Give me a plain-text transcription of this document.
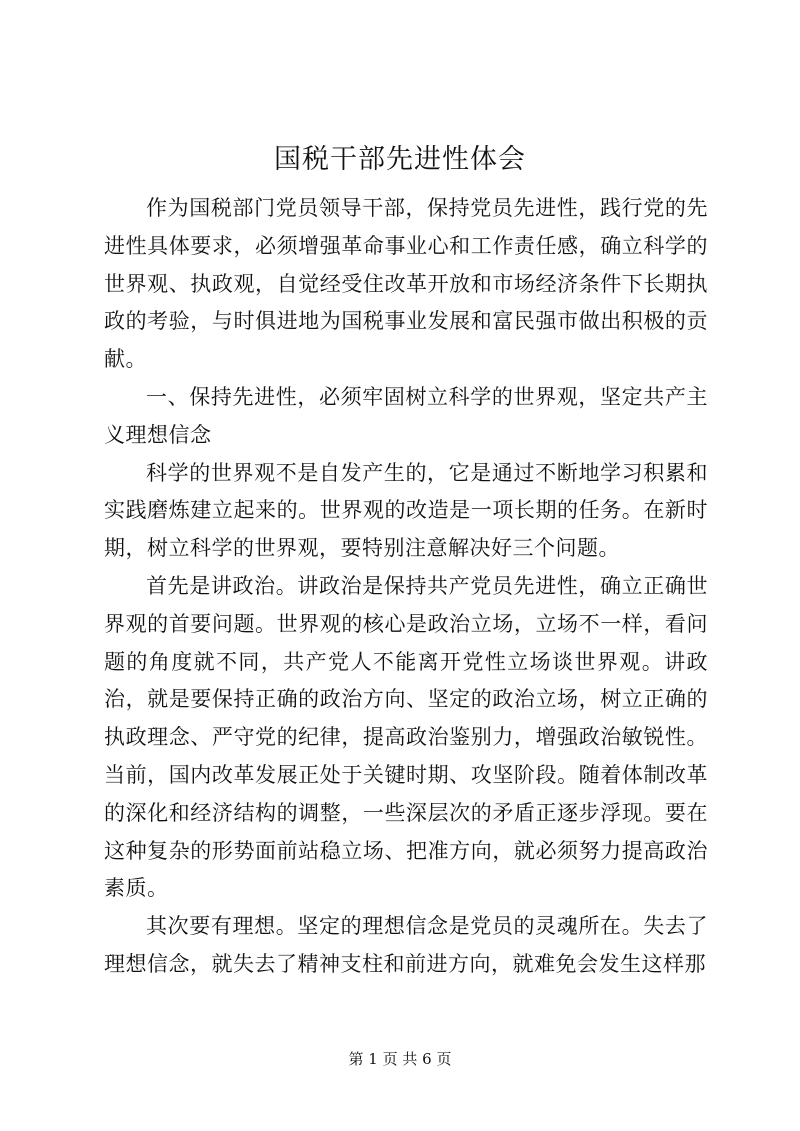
国税干部先进性体会

作为国税部门党员领导干部，保持党员先进性，践行党的先进性具体要求，必须增强革命事业心和工作责任感，确立科学的世界观、执政观，自觉经受住改革开放和市场经济条件下长期执政的考验，与时俱进地为国税事业发展和富民强市做出积极的贡献。

一、保持先进性，必须牢固树立科学的世界观，坚定共产主义理想信念

科学的世界观不是自发产生的，它是通过不断地学习积累和实践磨炼建立起来的。世界观的改造是一项长期的任务。在新时期，树立科学的世界观，要特别注意解决好三个问题。

首先是讲政治。讲政治是保持共产党员先进性，确立正确世界观的首要问题。世界观的核心是政治立场，立场不一样，看问题的角度就不同，共产党人不能离开党性立场谈世界观。讲政治，就是要保持正确的政治方向、坚定的政治立场，树立正确的执政理念、严守党的纪律，提高政治鉴别力，增强政治敏锐性。当前，国内改革发展正处于关键时期、攻坚阶段。随着体制改革的深化和经济结构的调整，一些深层次的矛盾正逐步浮现。要在这种复杂的形势面前站稳立场、把准方向，就必须努力提高政治素质。

其次要有理想。坚定的理想信念是党员的灵魂所在。失去了理想信念，就失去了精神支柱和前进方向，就难免会发生这样那

第 1 页 共 6 页
